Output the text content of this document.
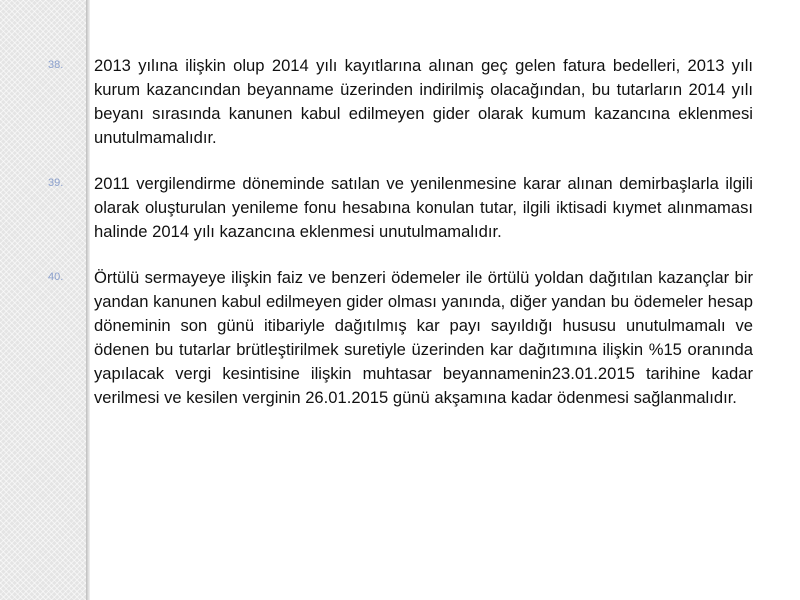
38.	2013 yılına ilişkin olup 2014 yılı kayıtlarına alınan geç gelen fatura bedelleri, 2013 yılı kurum kazancından beyanname üzerinden indirilmiş olacağından, bu tutarların 2014 yılı beyanı sırasında kanunen kabul edilmeyen gider olarak kumum kazancına eklenmesi unutulmamalıdır.
39.	2011 vergilendirme döneminde satılan ve yenilenmesine karar alınan demirbaşlarla ilgili olarak oluşturulan yenileme fonu hesabına konulan tutar, ilgili iktisadi kıymet alınmaması halinde 2014 yılı kazancına eklenmesi unutulmamalıdır.
40.	Örtülü sermayeye ilişkin faiz ve benzeri ödemeler ile örtülü yoldan dağıtılan kazançlar bir yandan kanunen kabul edilmeyen gider olması yanında, diğer yandan bu ödemeler hesap döneminin son günü itibariyle dağıtılmış kar payı sayıldığı hususu unutulmamalı ve ödenen bu tutarlar brütleştirilmek suretiyle üzerinden kar dağıtımına ilişkin %15 oranında yapılacak vergi kesintisine ilişkin muhtasar beyannamenin23.01.2015 tarihine kadar verilmesi ve kesilen verginin 26.01.2015 günü akşamına kadar ödenmesi sağlanmalıdır.
